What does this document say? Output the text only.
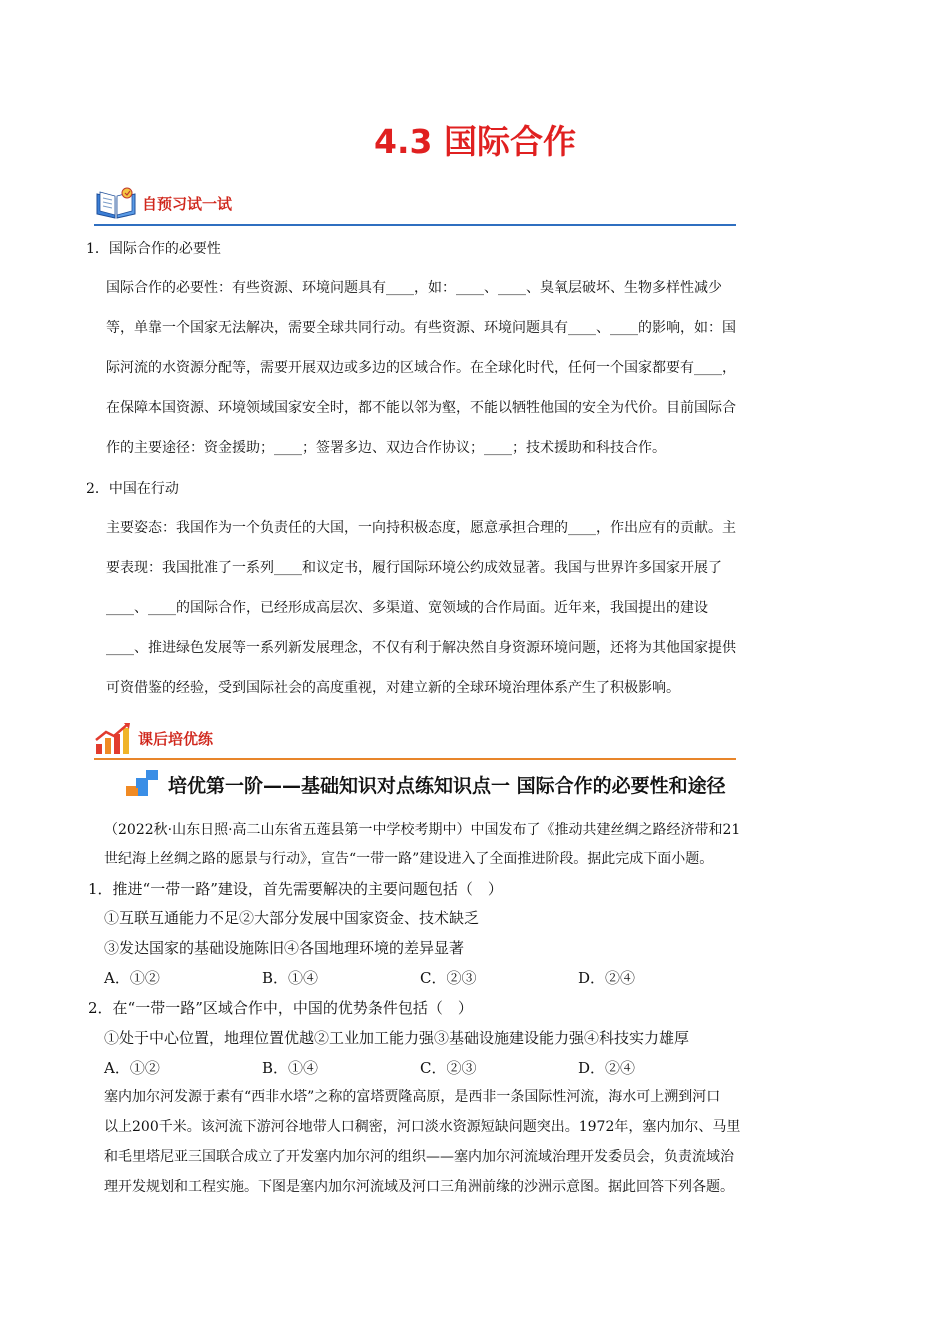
4.3 国际合作
自预习试一试
1．国际合作的必要性

国际合作的必要性：有些资源、环境问题具有____，如：____、____、臭氧层破坏、生物多样性减少

等，单靠一个国家无法解决，需要全球共同行动。有些资源、环境问题具有____、____的影响，如：国

际河流的水资源分配等，需要开展双边或多边的区域合作。在全球化时代，任何一个国家都要有____，

在保障本国资源、环境领域国家安全时，都不能以邻为壑，不能以牺牲他国的安全为代价。目前国际合

作的主要途径：资金援助；____；签署多边、双边合作协议；____；技术援助和科技合作。

2．中国在行动

主要姿态：我国作为一个负责任的大国，一向持积极态度，愿意承担合理的____，作出应有的贡献。主

要表现：我国批准了一系列____和议定书，履行国际环境公约成效显著。我国与世界许多国家开展了

____、____的国际合作，已经形成高层次、多渠道、宽领域的合作局面。近年来，我国提出的建设

____、推进绿色发展等一系列新发展理念，不仅有利于解决然自身资源环境问题，还将为其他国家提供

可资借鉴的经验，受到国际社会的高度重视，对建立新的全球环境治理体系产生了积极影响。

课后培优练
培优第一阶——基础知识对点练知识点一 国际合作的必要性和途径

（2022秋·山东日照·高二山东省五莲县第一中学校考期中）中国发布了《推动共建丝绸之路经济带和21

世纪海上丝绸之路的愿景与行动》，宣告“一带一路”建设进入了全面推进阶段。据此完成下面小题。

1．推进“一带一路”建设，首先需要解决的主要问题包括（　）
①互联互通能力不足②大部分发展中国家资金、技术缺乏
③发达国家的基础设施陈旧④各国地理环境的差异显著
A．①②	B．①④	C．②③	D．②④
2．在“一带一路”区域合作中，中国的优势条件包括（　）
①处于中心位置，地理位置优越②工业加工能力强③基础设施建设能力强④科技实力雄厚
A．①②	B．①④	C．②③	D．②④

塞内加尔河发源于素有“西非水塔”之称的富塔贾隆高原，是西非一条国际性河流，海水可上溯到河口

以上200千米。该河流下游河谷地带人口稠密，河口淡水资源短缺问题突出。1972年，塞内加尔、马里

和毛里塔尼亚三国联合成立了开发塞内加尔河的组织——塞内加尔河流域治理开发委员会，负责流域治

理开发规划和工程实施。下图是塞内加尔河流域及河口三角洲前缘的沙洲示意图。据此回答下列各题。
